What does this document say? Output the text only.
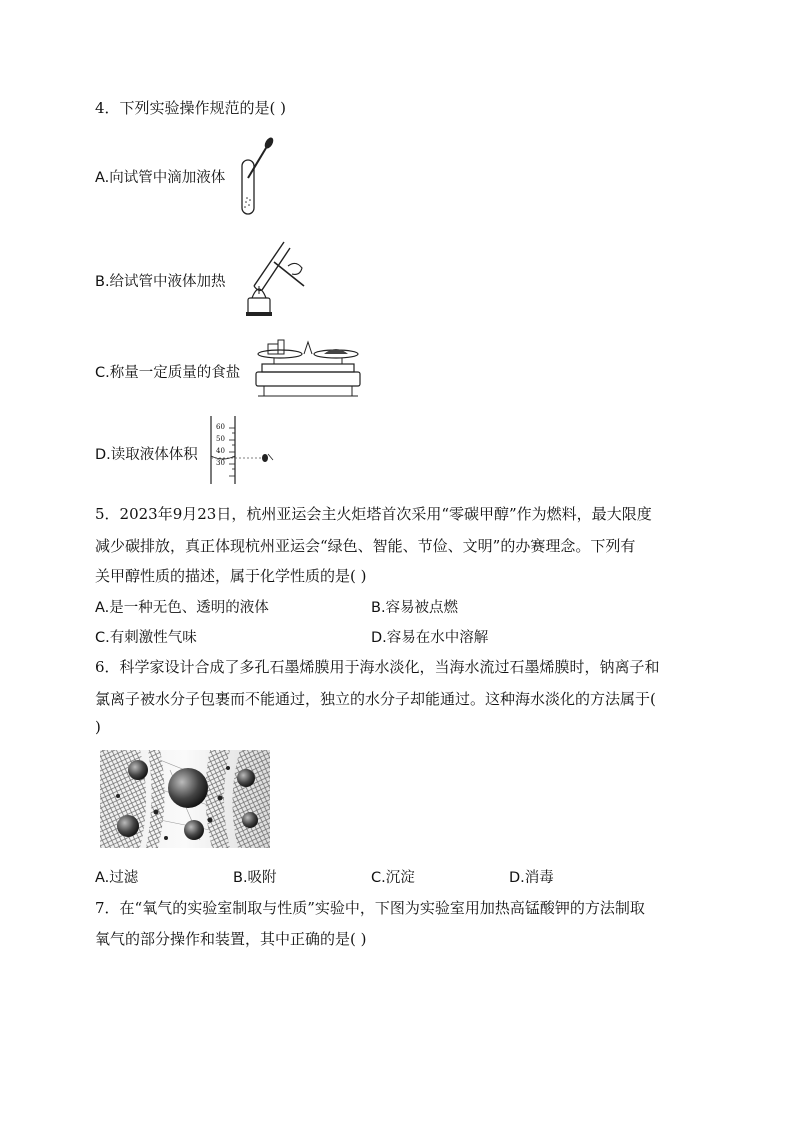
4．下列实验操作规范的是( )
A.向试管中滴加液体
B.给试管中液体加热
C.称量一定质量的食盐
D.读取液体体积
60
50
40
30
5．2023年9月23日，杭州亚运会主火炬塔首次采用“零碳甲醇”作为燃料，最大限度
减少碳排放，真正体现杭州亚运会“绿色、智能、节俭、文明”的办赛理念。下列有
关甲醇性质的描述，属于化学性质的是( )
A.是一种无色、透明的液体	B.容易被点燃
C.有刺激性气味	D.容易在水中溶解
6．科学家设计合成了多孔石墨烯膜用于海水淡化，当海水流过石墨烯膜时，钠离子和
氯离子被水分子包裹而不能通过，独立的水分子却能通过。这种海水淡化的方法属于(
)
A.过滤	B.吸附	C.沉淀	D.消毒
7．在“氧气的实验室制取与性质”实验中，下图为实验室用加热高锰酸钾的方法制取
氧气的部分操作和装置，其中正确的是( )
